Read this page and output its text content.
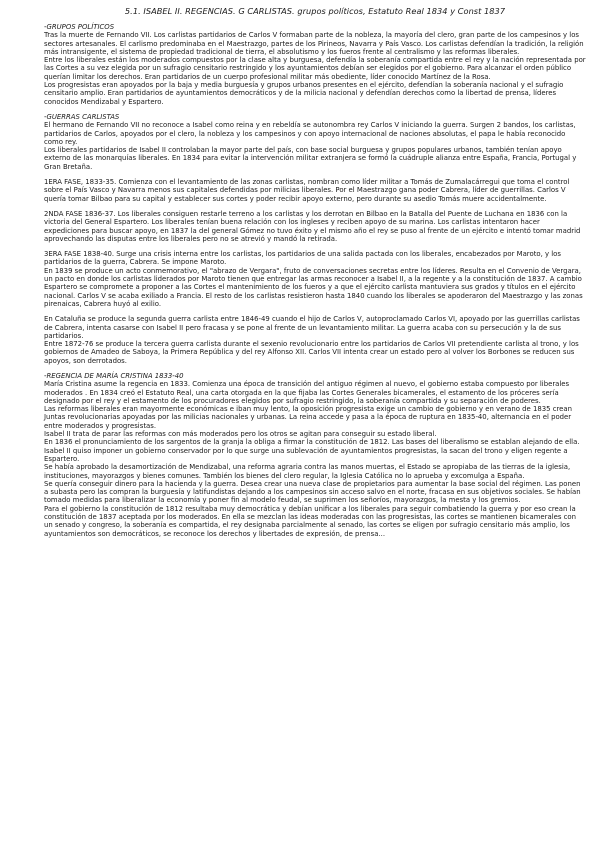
5.1. ISABEL II. REGENCIAS. G CARLISTAS. grupos políticos, Estatuto Real 1834 y Const 1837
-GRUPOS POLÍTICOS

Tras la muerte de Fernando VII. Los carlistas partidarios de Carlos V formaban parte de la nobleza, la mayoría del clero, gran parte de los campesinos y los sectores artesanales. El carlismo predominaba en el Maestrazgo, partes de los Pirineos, Navarra y País Vasco. Los carlistas defendían la tradición, la religión más intransigente, el sistema de propiedad tradicional de tierra, el absolutismo y los fueros frente al centralismo y las reformas liberales.

Entre los liberales están los moderados compuestos por la clase alta y burguesa, defendía la soberanía compartida entre el rey y la nación representada por las Cortes a su vez elegida por un sufragio censitario restringido y los ayuntamientos debían ser elegidos por el gobierno. Para alcanzar el orden público querían limitar los derechos. Eran partidarios de un cuerpo profesional militar más obediente, líder conocido Martínez de la Rosa.

Los progresistas eran apoyados por la baja y media burguesía y grupos urbanos presentes en el ejército, defendían la soberanía nacional y el sufragio censitario amplio. Eran partidarios de ayuntamientos democráticos y de la milicia nacional y defendían derechos como la libertad de prensa, líderes conocidos Mendizabal y Espartero.

-GUERRAS CARLISTAS

El hermano de Fernando VII no reconoce a Isabel como reina y en rebeldía se autonombra rey Carlos V iniciando la guerra. Surgen 2 bandos, los carlistas, partidarios de Carlos, apoyados por el clero, la nobleza y los campesinos y con apoyo internacional de naciones absolutas, el papa le había reconocido como rey.

Los liberales partidarios de Isabel II controlaban la mayor parte del país, con base social burguesa y grupos populares urbanos, también tenían apoyo externo de las monarquías liberales. En 1834 para evitar la intervención militar extranjera se formó la cuádruple alianza entre España, Francia, Portugal y Gran Bretaña.

1ERA FASE, 1833-35. Comienza con el levantamiento de las zonas carlistas, nombran como líder militar a Tomás de Zumalacárregui que toma el control sobre el País Vasco y Navarra menos sus capitales defendidas por milicias liberales. Por el Maestrazgo gana poder Cabrera, líder de guerrillas. Carlos V quería tomar Bilbao para su capital y establecer sus cortes y poder recibir apoyo externo, pero durante su asedio Tomás muere accidentalmente.

2NDA FASE 1836-37. Los liberales consiguen restarle terreno a los carlistas y los derrotan en Bilbao en la Batalla del Puente de Luchana en 1836 con la victoria del General Espartero. Los liberales tenían buena relación con los ingleses y reciben apoyo de su marina. Los carlistas intentaron hacer expediciones para buscar apoyo, en 1837 la del general Gómez no tuvo éxito y el mismo año el rey se puso al frente de un ejército e intentó tomar madrid aprovechando las disputas entre los liberales pero no se atrevió y mandó la retirada.

3ERA FASE 1838-40. Surge una crisis interna entre los carlistas, los partidarios de una salida pactada con los liberales, encabezados por Maroto, y los partidarios de la guerra, Cabrera. Se impone Maroto.

En 1839 se produce un acto conmemorativo, el "abrazo de Vergara", fruto de conversaciones secretas entre los líderes. Resulta en el Convenio de Vergara, un pacto en donde los carlistas liderados por Maroto tienen que entregar las armas reconocer a Isabel II, a la regente y a la constitución de 1837. A cambio Espartero se compromete a proponer a las Cortes el mantenimiento de los fueros y a que el ejército carlista mantuviera sus grados y títulos en el ejército nacional. Carlos V se acaba exiliado a Francia. El resto de los carlistas resistieron hasta 1840 cuando los liberales se apoderaron del Maestrazgo y las zonas pirenaicas, Cabrera huyó al exilio.

En Cataluña se produce la segunda guerra carlista entre 1846-49 cuando el hijo de Carlos V, autoproclamado Carlos VI, apoyado por las guerrillas carlistas de Cabrera, intenta casarse con Isabel II pero fracasa y se pone al frente de un levantamiento militar. La guerra acaba con su persecución y la de sus partidarios.

Entre 1872-76 se produce la tercera guerra carlista durante el sexenio revolucionario entre los partidarios de Carlos VII pretendiente carlista al trono, y los gobiernos de Amadeo de Saboya, la Primera República y del rey Alfonso XII. Carlos VII intenta crear un estado pero al volver los Borbones se reducen sus apoyos, son derrotados.

-REGENCIA DE MARÍA CRISTINA 1833-40

María Cristina asume la regencia en 1833. Comienza una época de transición del antiguo régimen al nuevo, el gobierno estaba compuesto por liberales moderados . En 1834 creó el Estatuto Real, una carta otorgada en la que fijaba las Cortes Generales bicamerales, el estamento de los próceres sería designado por el rey y el estamento de los procuradores elegidos por sufragio restringido, la soberanía compartida y su separación de poderes.

Las reformas liberales eran mayormente económicas e iban muy lento, la oposición progresista exige un cambio de gobierno y en verano de 1835 crean Juntas revolucionarias apoyadas por las milicias nacionales y urbanas. La reina accede y pasa a la época de ruptura en 1835-40, alternancia en el poder entre moderados y progresistas.

Isabel II trata de parar las reformas con más moderados pero los otros se agitan para conseguir su estado liberal.

En 1836 el pronunciamiento de los sargentos de la granja la obliga a firmar la constitución de 1812. Las bases del liberalismo se establan alejando de ella. Isabel II quiso imponer un gobierno conservador por lo que surge una sublevación de ayuntamientos progresistas, la sacan del trono y eligen regente a Espartero.

Se había aprobado la desamortización de Mendizabal, una reforma agraria contra las manos muertas, el Estado se apropiaba de las tierras de la iglesia, instituciones, mayorazgos y bienes comunes. También los bienes del clero regular, la Iglesia Católica no lo aprueba y excomulga a España.

Se quería conseguir dinero para la hacienda y la guerra. Desea crear una nueva clase de propietarios para aumentar la base social del régimen. Las ponen a subasta pero las compran la burguesía y latifundistas dejando a los campesinos sin acceso salvo en el norte, fracasa en sus objetivos sociales. Se habían tomado medidas para liberalizar la economía y poner fin al modelo feudal, se suprimen los señoríos, mayorazgos, la mesta y los gremios.

Para el gobierno la constitución de 1812 resultaba muy democrática y debían unificar a los liberales para seguir combatiendo la guerra y por eso crean la constitución de 1837 aceptada por los moderados. En ella se mezclan las ideas moderadas con las progresistas, las cortes se mantienen bicamerales con un senado y congreso, la soberanía es compartida, el rey designaba parcialmente al senado, las cortes se eligen por sufragio censitario más amplio, los ayuntamientos son democráticos, se reconoce los derechos y libertades de expresión, de prensa...
